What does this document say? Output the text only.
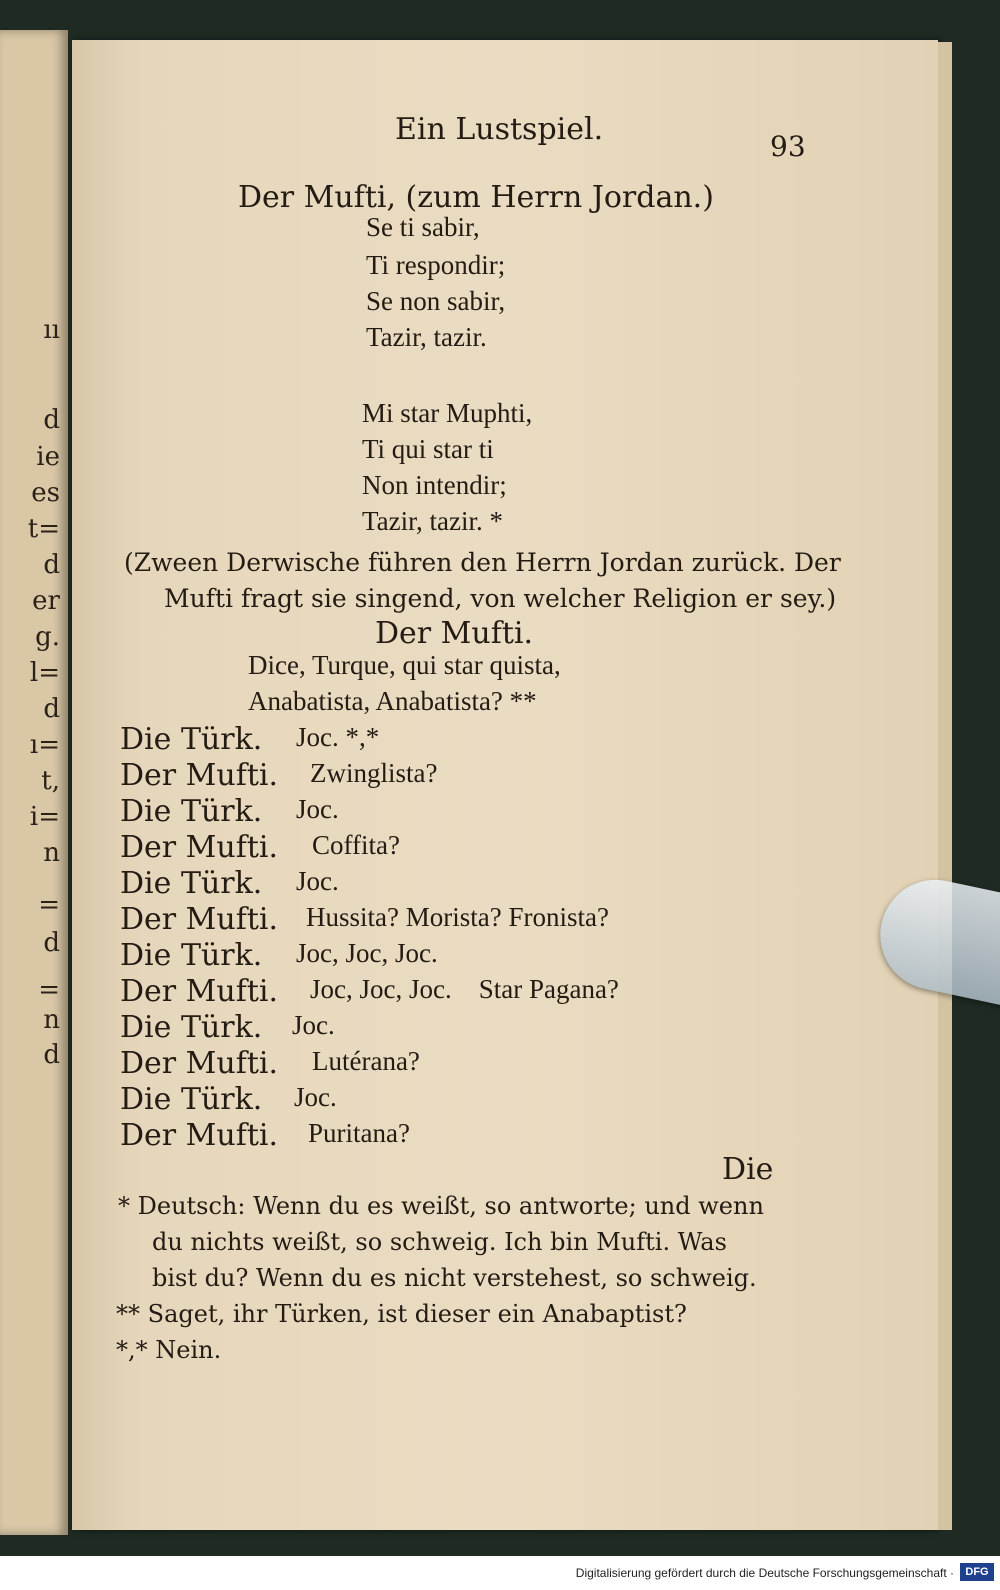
ıı
d
ie
es
t=
d
er
g.
l=
d
ı=
t,
i=
n
=
d
=
n
d
Ein Lustspiel.	93
Der Mufti, (zum Herrn Jordan.)
Se ti sabir,
Ti respondir;
Se non sabir,
Tazir, tazir.
Mi star Muphti,
Ti qui star ti
Non intendir;
Tazir, tazir. *
(Zween Derwische führen den Herrn Jordan zurück. Der
Mufti fragt sie singend, von welcher Religion er sey.)
Der Mufti.
Dice, Turque, qui star quista,
Anabatista, Anabatista? **
Die Türk. Joc. *,*
Der Mufti. Zwinglista?
Die Türk. Joc.
Der Mufti. Coffita?
Die Türk. Joc.
Der Mufti. Hussita? Morista? Fronista?
Die Türk. Joc, Joc, Joc.
Der Mufti. Joc, Joc, Joc.    Star Pagana?
Die Türk. Joc.
Der Mufti. Lutérana?
Die Türk. Joc.
Der Mufti. Puritana?
Die
* Deutsch: Wenn du es weißt, so antworte; und wenn
du nichts weißt, so schweig. Ich bin Mufti. Was
bist du? Wenn du es nicht verstehest, so schweig.
** Saget, ihr Türken, ist dieser ein Anabaptist?
*,* Nein.
Digitalisierung gefördert durch die Deutsche Forschungsgemeinschaft ·	DFG
